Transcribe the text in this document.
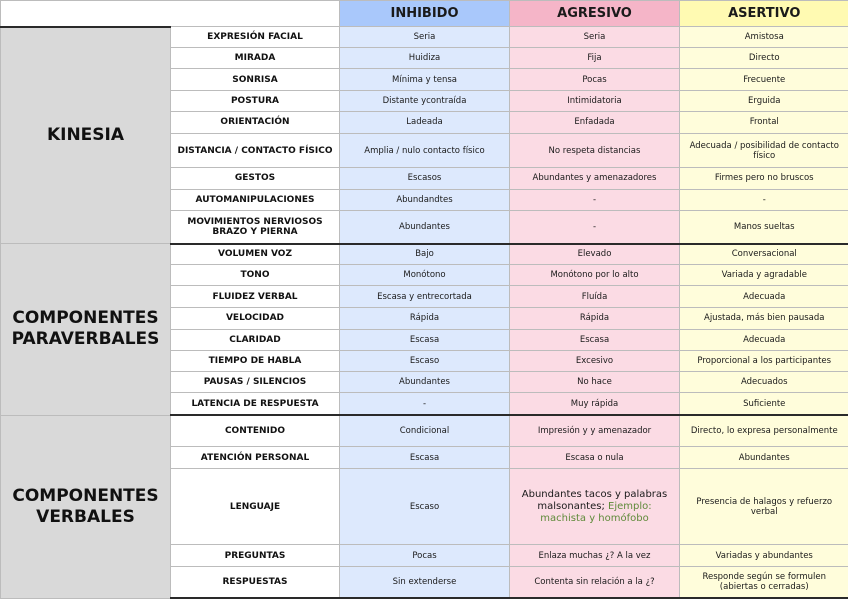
		INHIBIDO	AGRESIVO	ASERTIVO
KINESIA	EXPRESIÓN FACIAL	Seria	Seria	Amistosa
	MIRADA	Huidiza	Fija	Directo
	SONRISA	Mínima y tensa	Pocas	Frecuente
	POSTURA	Distante ycontraída	Intimidatoria	Erguida
	ORIENTACIÓN	Ladeada	Enfadada	Frontal
	DISTANCIA / CONTACTO FÍSICO	Amplia / nulo contacto físico	No respeta distancias	Adecuada / posibilidad de contacto físico
	GESTOS	Escasos	Abundantes y amenazadores	Firmes pero no bruscos
	AUTOMANIPULACIONES	Abundandtes	-	-
	MOVIMIENTOS NERVIOSOS BRAZO Y PIERNA	Abundantes	-	Manos sueltas
COMPONENTES PARAVERBALES	VOLUMEN VOZ	Bajo	Elevado	Conversacional
	TONO	Monótono	Monótono por lo alto	Variada y agradable
	FLUIDEZ VERBAL	Escasa y entrecortada	Fluída	Adecuada
	VELOCIDAD	Rápida	Rápida	Ajustada, más bien pausada
	CLARIDAD	Escasa	Escasa	Adecuada
	TIEMPO DE HABLA	Escaso	Excesivo	Proporcional a los participantes
	PAUSAS / SILENCIOS	Abundantes	No hace	Adecuados
	LATENCIA DE RESPUESTA	-	Muy rápida	Suficiente
COMPONENTES VERBALES	CONTENIDO	Condicional	Impresión y y amenazador	Directo, lo expresa personalmente
	ATENCIÓN PERSONAL	Escasa	Escasa o nula	Abundantes
	LENGUAJE	Escaso	Abundantes tacos y palabras malsonantes; Ejemplo: machista y homófobo	Presencia de halagos y refuerzo verbal
	PREGUNTAS	Pocas	Enlaza muchas ¿? A la vez	Variadas y abundantes
	RESPUESTAS	Sin extenderse	Contenta sin relación a la ¿?	Responde según se formulen (abiertas o cerradas)
